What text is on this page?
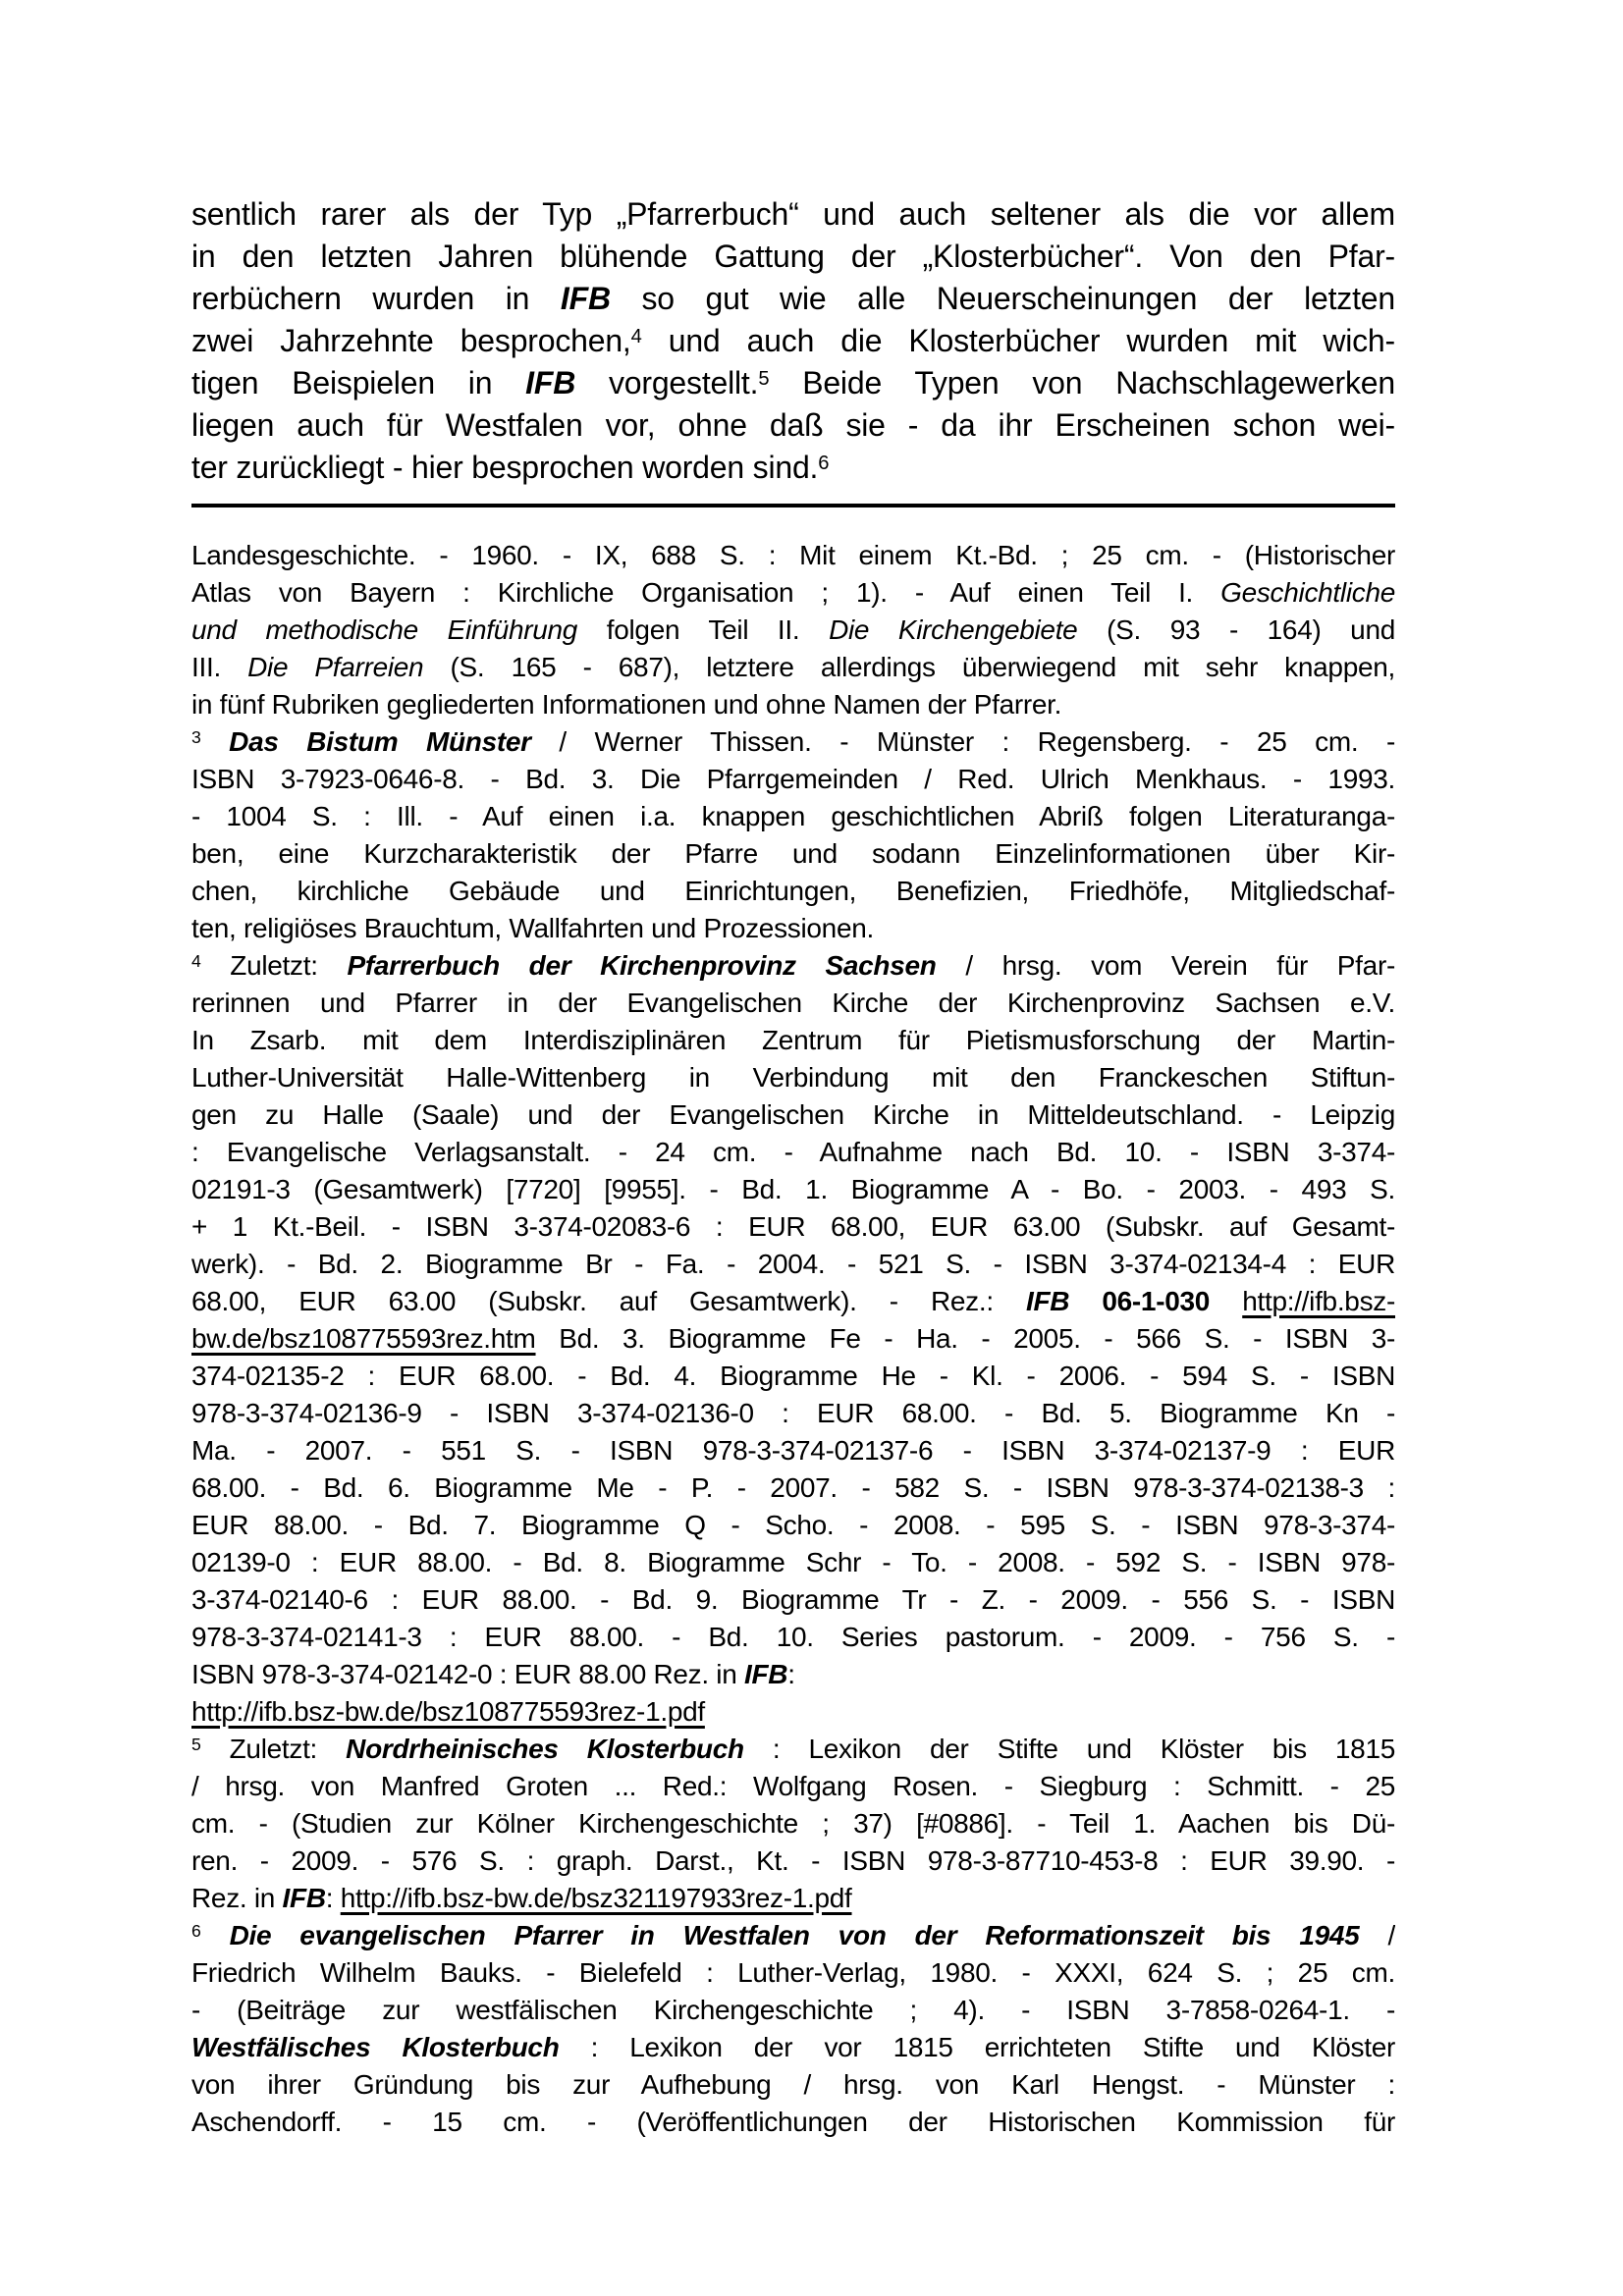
sentlich rarer als der Typ „Pfarrerbuch“ und auch seltener als die vor allem
in den letzten Jahren blühende Gattung der „Klosterbücher“. Von den Pfar-
rerbüchern wurden in IFB so gut wie alle Neuerscheinungen der letzten
zwei Jahrzehnte besprochen,$^4$ und auch die Klosterbücher wurden mit wich-
tigen Beispielen in IFB vorgestellt.$^5$ Beide Typen von Nachschlagewerken
liegen auch für Westfalen vor, ohne daß sie - da ihr Erscheinen schon wei-
ter zurückliegt - hier besprochen worden sind.$^6$
Landesgeschichte. - 1960. - IX, 688 S. : Mit einem Kt.-Bd. ; 25 cm. - (Historischer
Atlas von Bayern : Kirchliche Organisation ; 1). - Auf einen Teil I. Geschichtliche
und methodische Einführung folgen Teil II. Die Kirchengebiete (S. 93 - 164) und
III. Die Pfarreien (S. 165 - 687), letztere allerdings überwiegend mit sehr knappen,
in fünf Rubriken gegliederten Informationen und ohne Namen der Pfarrer.
$^3$ Das Bistum Münster / Werner Thissen. - Münster : Regensberg. - 25 cm. -
ISBN 3-7923-0646-8. - Bd. 3. Die Pfarrgemeinden / Red. Ulrich Menkhaus. - 1993.
- 1004 S. : Ill. - Auf einen i.a. knappen geschichtlichen Abriß folgen Literaturanga-
ben, eine Kurzcharakteristik der Pfarre und sodann Einzelinformationen über Kir-
chen, kirchliche Gebäude und Einrichtungen, Benefizien, Friedhöfe, Mitgliedschaf-
ten, religiöses Brauchtum, Wallfahrten und Prozessionen.
$^4$ Zuletzt: Pfarrerbuch der Kirchenprovinz Sachsen / hrsg. vom Verein für Pfar-
rerinnen und Pfarrer in der Evangelischen Kirche der Kirchenprovinz Sachsen e.V.
In Zsarb. mit dem Interdisziplinären Zentrum für Pietismusforschung der Martin-
Luther-Universität Halle-Wittenberg in Verbindung mit den Franckeschen Stiftun-
gen zu Halle (Saale) und der Evangelischen Kirche in Mitteldeutschland. - Leipzig
: Evangelische Verlagsanstalt. - 24 cm. - Aufnahme nach Bd. 10. - ISBN 3-374-
02191-3 (Gesamtwerk) [7720] [9955]. - Bd. 1. Biogramme A - Bo. - 2003. - 493 S.
+ 1 Kt.-Beil. - ISBN 3-374-02083-6 : EUR 68.00, EUR 63.00 (Subskr. auf Gesamt-
werk). - Bd. 2. Biogramme Br - Fa. - 2004. - 521 S. - ISBN 3-374-02134-4 : EUR
68.00, EUR 63.00 (Subskr. auf Gesamtwerk). - Rez.: IFB 06-1-030 http://ifb.bsz-
bw.de/bsz108775593rez.htm Bd. 3. Biogramme Fe - Ha. - 2005. - 566 S. - ISBN 3-
374-02135-2 : EUR 68.00. - Bd. 4. Biogramme He - Kl. - 2006. - 594 S. - ISBN
978-3-374-02136-9 - ISBN 3-374-02136-0 : EUR 68.00. - Bd. 5. Biogramme Kn -
Ma. - 2007. - 551 S. - ISBN 978-3-374-02137-6 - ISBN 3-374-02137-9 : EUR
68.00. - Bd. 6. Biogramme Me - P. - 2007. - 582 S. - ISBN 978-3-374-02138-3 :
EUR 88.00. - Bd. 7. Biogramme Q - Scho. - 2008. - 595 S. - ISBN 978-3-374-
02139-0 : EUR 88.00. - Bd. 8. Biogramme Schr - To. - 2008. - 592 S. - ISBN 978-
3-374-02140-6 : EUR 88.00. - Bd. 9. Biogramme Tr - Z. - 2009. - 556 S. - ISBN
978-3-374-02141-3 : EUR 88.00. - Bd. 10. Series pastorum. - 2009. - 756 S. -
ISBN 978-3-374-02142-0 : EUR 88.00 Rez. in IFB:
http://ifb.bsz-bw.de/bsz108775593rez-1.pdf
$^5$ Zuletzt: Nordrheinisches Klosterbuch : Lexikon der Stifte und Klöster bis 1815
/ hrsg. von Manfred Groten ... Red.: Wolfgang Rosen. - Siegburg : Schmitt. - 25
cm. - (Studien zur Kölner Kirchengeschichte ; 37) [#0886]. - Teil 1. Aachen bis Dü-
ren. - 2009. - 576 S. : graph. Darst., Kt. - ISBN 978-3-87710-453-8 : EUR 39.90. -
Rez. in IFB: http://ifb.bsz-bw.de/bsz321197933rez-1.pdf
$^6$ Die evangelischen Pfarrer in Westfalen von der Reformationszeit bis 1945 /
Friedrich Wilhelm Bauks. - Bielefeld : Luther-Verlag, 1980. - XXXI, 624 S. ; 25 cm.
- (Beiträge zur westfälischen Kirchengeschichte ; 4). - ISBN 3-7858-0264-1. -
Westfälisches Klosterbuch : Lexikon der vor 1815 errichteten Stifte und Klöster
von ihrer Gründung bis zur Aufhebung / hrsg. von Karl Hengst. - Münster :
Aschendorff. - 15 cm. - (Veröffentlichungen der Historischen Kommission für
